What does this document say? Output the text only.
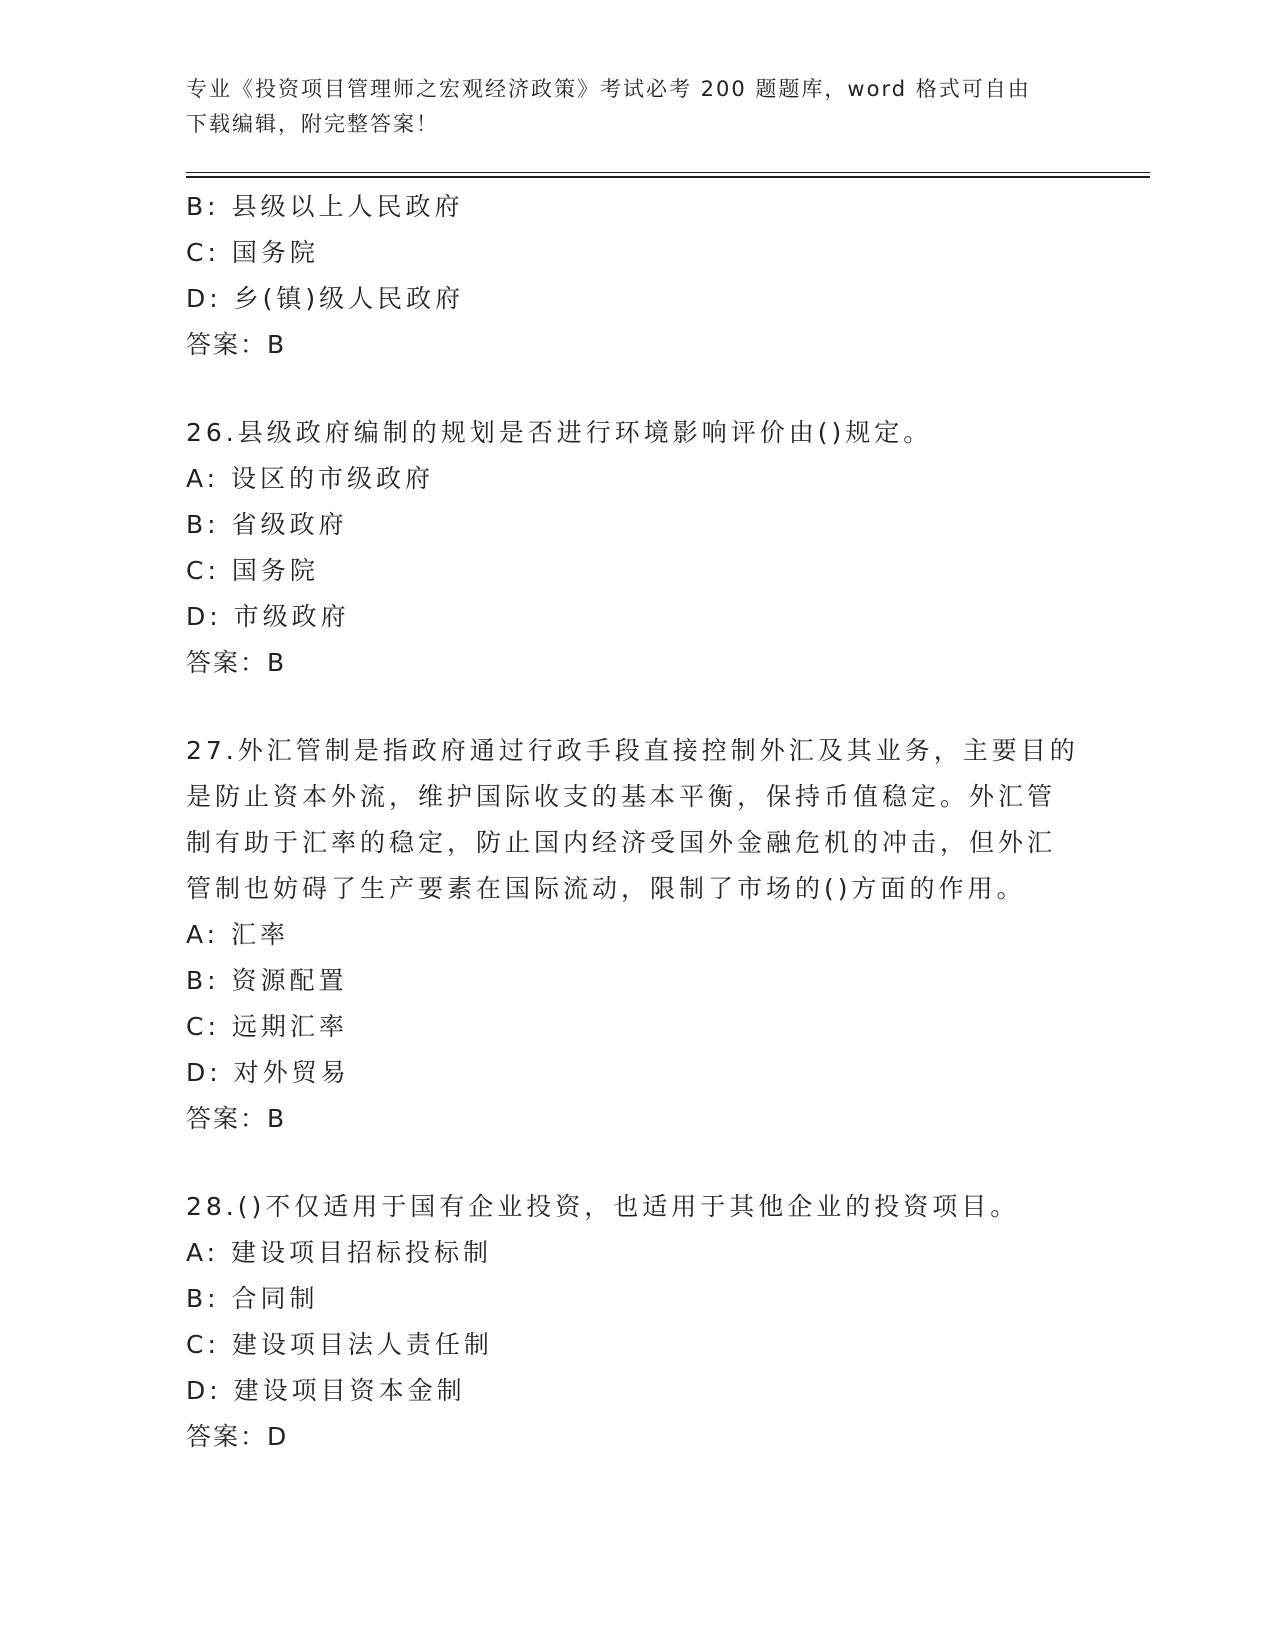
专业《投资项目管理师之宏观经济政策》考试必考 200 题题库，word 格式可自由
下载编辑，附完整答案！
B: 县级以上人民政府
C: 国务院
D: 乡(镇)级人民政府
答案：B
26.县级政府编制的规划是否进行环境影响评价由()规定。
A: 设区的市级政府
B: 省级政府
C: 国务院
D: 市级政府
答案：B
27.外汇管制是指政府通过行政手段直接控制外汇及其业务，主要目的
是防止资本外流，维护国际收支的基本平衡，保持币值稳定。外汇管
制有助于汇率的稳定，防止国内经济受国外金融危机的冲击，但外汇
管制也妨碍了生产要素在国际流动，限制了市场的()方面的作用。
A: 汇率
B: 资源配置
C: 远期汇率
D: 对外贸易
答案：B
28.()不仅适用于国有企业投资，也适用于其他企业的投资项目。
A: 建设项目招标投标制
B: 合同制
C: 建设项目法人责任制
D: 建设项目资本金制
答案：D
